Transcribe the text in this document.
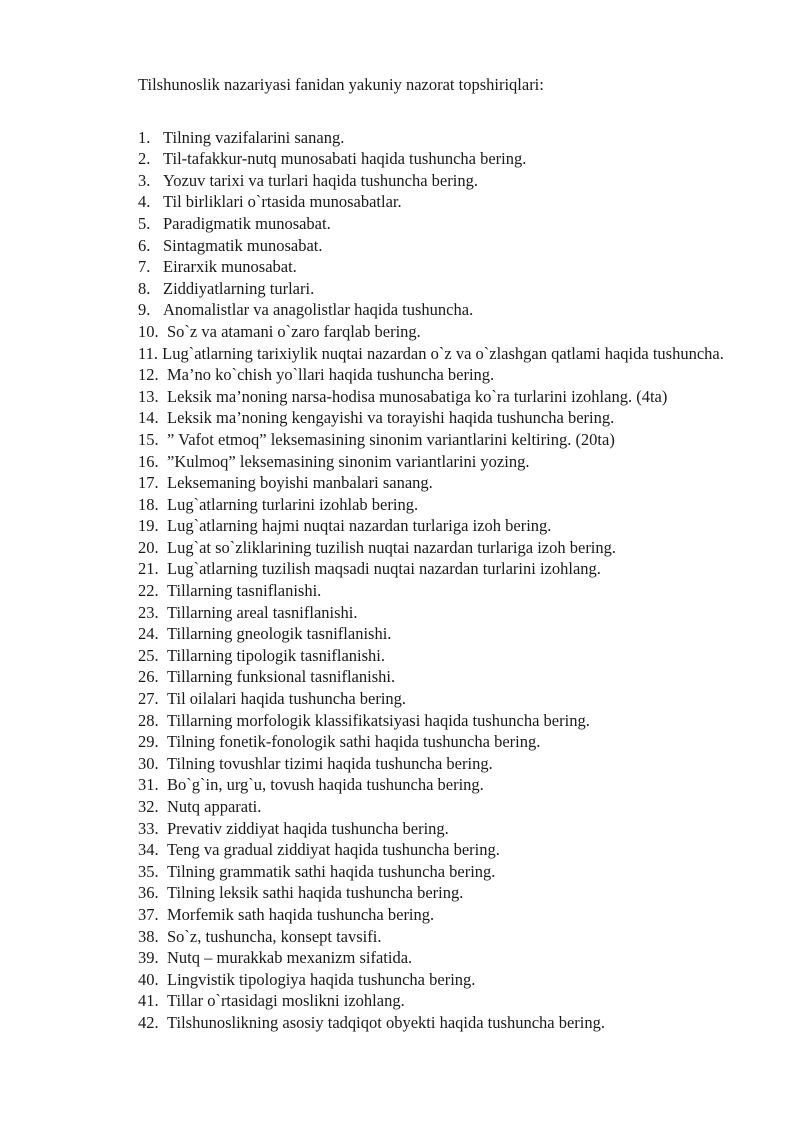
Tilshunoslik nazariyasi fanidan yakuniy nazorat topshiriqlari:

1. Tilning vazifalarini sanang.
2. Til-tafakkur-nutq munosabati haqida tushuncha bering.
3. Yozuv tarixi va turlari haqida tushuncha bering.
4. Til birliklari o`rtasida munosabatlar.
5. Paradigmatik munosabat.
6. Sintagmatik munosabat.
7. Eirarxik munosabat.
8. Ziddiyatlarning turlari.
9. Anomalistlar va anagolistlar haqida tushuncha.
10. So`z va atamani o`zaro farqlab bering.
11. Lug`atlarning tarixiylik nuqtai nazardan o`z va o`zlashgan qatlami haqida tushuncha.
12. Ma’no ko`chish yo`llari haqida tushuncha bering.
13. Leksik ma’noning narsa-hodisa munosabatiga ko`ra turlarini izohlang. (4ta)
14. Leksik ma’noning kengayishi va torayishi haqida tushuncha bering.
15. ” Vafot etmoq” leksemasining sinonim variantlarini keltiring. (20ta)
16. ”Kulmoq” leksemasining sinonim variantlarini yozing.
17. Leksemaning boyishi manbalari sanang.
18. Lug`atlarning turlarini izohlab bering.
19. Lug`atlarning hajmi nuqtai nazardan turlariga izoh bering.
20. Lug`at so`zliklarining tuzilish nuqtai nazardan turlariga izoh bering.
21. Lug`atlarning tuzilish maqsadi nuqtai nazardan turlarini izohlang.
22. Tillarning tasniflanishi.
23. Tillarning areal tasniflanishi.
24. Tillarning gneologik tasniflanishi.
25. Tillarning tipologik tasniflanishi.
26. Tillarning funksional tasniflanishi.
27. Til oilalari haqida tushuncha bering.
28. Tillarning morfologik klassifikatsiyasi haqida tushuncha bering.
29. Tilning fonetik-fonologik sathi haqida tushuncha bering.
30. Tilning tovushlar tizimi haqida tushuncha bering.
31. Bo`g`in, urg`u, tovush haqida tushuncha bering.
32. Nutq apparati.
33. Prevativ ziddiyat haqida tushuncha bering.
34. Teng va gradual ziddiyat haqida tushuncha bering.
35. Tilning grammatik sathi haqida tushuncha bering.
36. Tilning leksik sathi haqida tushuncha bering.
37. Morfemik sath haqida tushuncha bering.
38. So`z, tushuncha, konsept tavsifi.
39. Nutq – murakkab mexanizm sifatida.
40. Lingvistik tipologiya haqida tushuncha bering.
41. Tillar o`rtasidagi moslikni izohlang.
42. Tilshunoslikning asosiy tadqiqot obyekti haqida tushuncha bering.
